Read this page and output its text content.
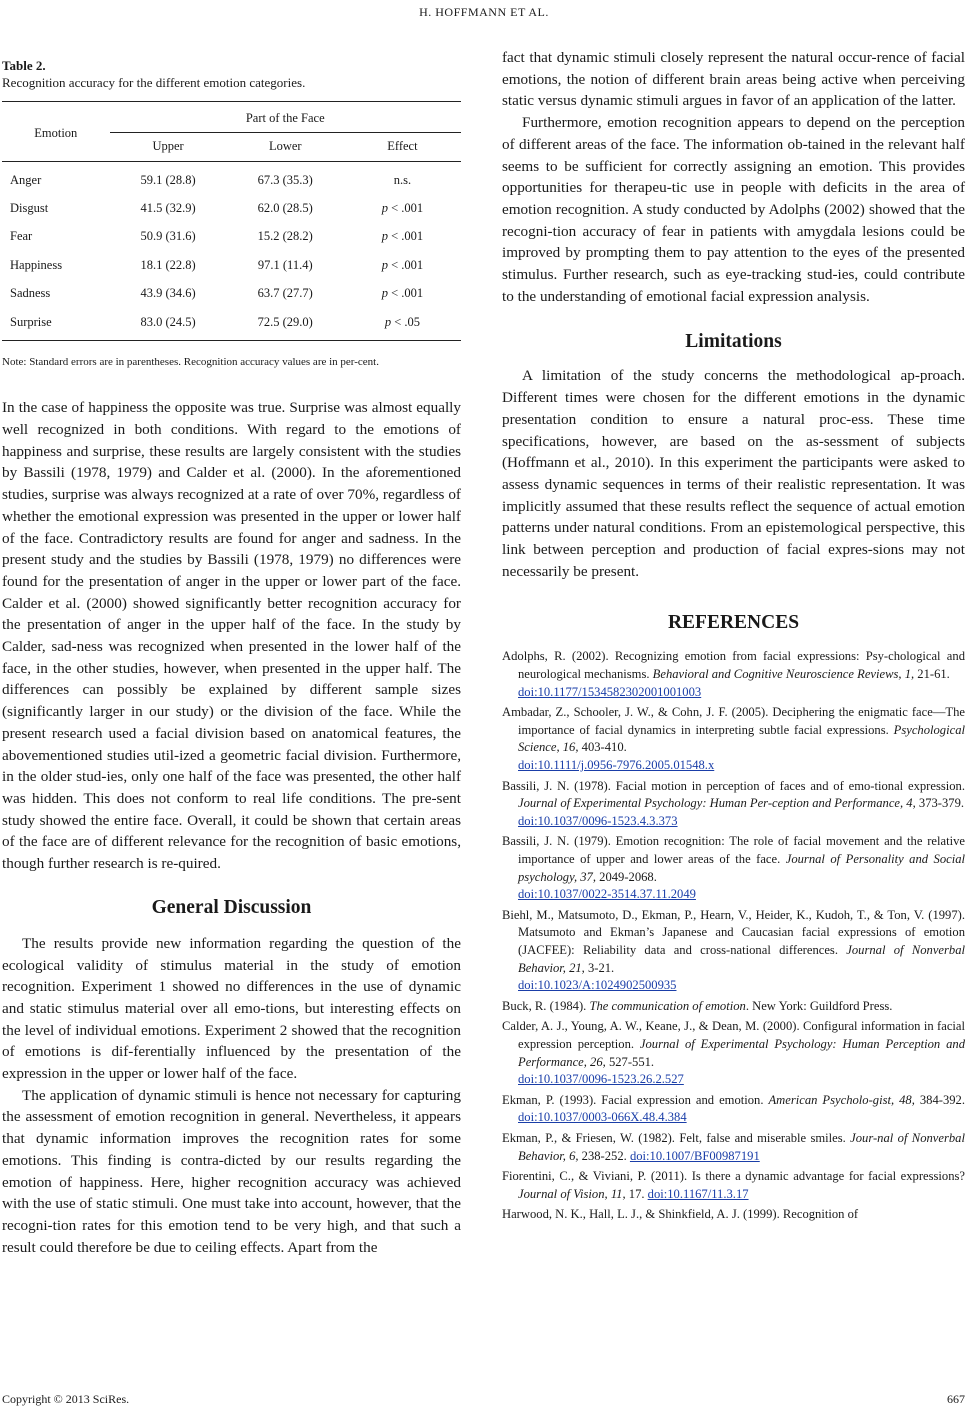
H. HOFFMANN ET AL.
Table 2.
Recognition accuracy for the different emotion categories.
Emotion	Part of the Face		
	Upper	Lower	Effect
Anger	59.1 (28.8)	67.3 (35.3)	n.s.
Disgust	41.5 (32.9)	62.0 (28.5)	p < .001
Fear	50.9 (31.6)	15.2 (28.2)	p < .001
Happiness	18.1 (22.8)	97.1 (11.4)	p < .001
Sadness	43.9 (34.6)	63.7 (27.7)	p < .001
Surprise	83.0 (24.5)	72.5 (29.0)	p < .05
Note: Standard errors are in parentheses. Recognition accuracy values are in per-cent.

In the case of happiness the opposite was true. Surprise was almost equally well recognized in both conditions. With regard to the emotions of happiness and surprise, these results are largely consistent with the studies by Bassili (1978, 1979) and Calder et al. (2000). In the aforementioned studies, surprise was always recognized at a rate of over 70%, regardless of whether the emotional expression was presented in the upper or lower half of the face. Contradictory results are found for anger and sadness. In the present study and the studies by Bassili (1978, 1979) no differences were found for the presentation of anger in the upper or lower part of the face. Calder et al. (2000) showed significantly better recognition accuracy for the presentation of anger in the upper half of the face. In the study by Calder, sad-ness was recognized when presented in the lower half of the face, in the other studies, however, when presented in the upper half. The differences can possibly be explained by different sample sizes (significantly larger in our study) or the division of the face. While the present research used a facial division based on anatomical features, the abovementioned studies util-ized a geometric facial division. Furthermore, in the older stud-ies, only one half of the face was presented, the other half was hidden. This does not conform to real life conditions. The pre-sent study showed the entire face. Overall, it could be shown that certain areas of the face are of different relevance for the recognition of basic emotions, though further research is re-quired.

General Discussion

The results provide new information regarding the question of the ecological validity of stimulus material in the study of emotion recognition. Experiment 1 showed no differences in the use of dynamic and static stimulus material over all emo-tions, but interesting effects on the level of individual emotions. Experiment 2 showed that the recognition of emotions is dif-ferentially influenced by the presentation of the expression in the upper or lower half of the face.

The application of dynamic stimuli is hence not necessary for capturing the assessment of emotion recognition in general. Nevertheless, it appears that dynamic information improves the recognition rates for some emotions. This finding is contra-dicted by our results regarding the emotion of happiness. Here, higher recognition accuracy was achieved with the use of static stimuli. One must take into account, however, that the recogni-tion rates for this emotion tend to be very high, and that such a result could therefore be due to ceiling effects. Apart from the

fact that dynamic stimuli closely represent the natural occur-rence of facial emotions, the notion of different brain areas being active when perceiving static versus dynamic stimuli argues in favor of an application of the latter.

Furthermore, emotion recognition appears to depend on the perception of different areas of the face. The information ob-tained in the relevant half seems to be sufficient for correctly assigning an emotion. This provides opportunities for therapeu-tic use in people with deficits in the area of emotion recognition. A study conducted by Adolphs (2002) showed that the recogni-tion accuracy of fear in patients with amygdala lesions could be improved by prompting them to pay attention to the eyes of the presented stimulus. Further research, such as eye-tracking stud-ies, could contribute to the understanding of emotional facial expression analysis.

Limitations

A limitation of the study concerns the methodological ap-proach. Different times were chosen for the different emotions in the dynamic presentation condition to ensure a natural proc-ess. These time specifications, however, are based on the as-sessment of subjects (Hoffmann et al., 2010). In this experiment the participants were asked to assess dynamic sequences in terms of their realistic representation. It was implicitly assumed that these results reflect the sequence of actual emotion patterns under natural conditions. From an epistemological perspective, this link between perception and production of facial expres-sions may not necessarily be present.

REFERENCES
Adolphs, R. (2002). Recognizing emotion from facial expressions: Psy-chological and neurological mechanisms. Behavioral and Cognitive Neuroscience Reviews, 1, 21-61.
doi:10.1177/1534582302001001003
Ambadar, Z., Schooler, J. W., & Cohn, J. F. (2005). Deciphering the enigmatic face—The importance of facial dynamics in interpreting subtle facial expressions. Psychological Science, 16, 403-410.
doi:10.1111/j.0956-7976.2005.01548.x
Bassili, J. N. (1978). Facial motion in perception of faces and of emo-tional expression. Journal of Experimental Psychology: Human Per-ception and Performance, 4, 373-379.
doi:10.1037/0096-1523.4.3.373
Bassili, J. N. (1979). Emotion recognition: The role of facial movement and the relative importance of upper and lower areas of the face. Journal of Personality and Social psychology, 37, 2049-2068.
doi:10.1037/0022-3514.37.11.2049
Biehl, M., Matsumoto, D., Ekman, P., Hearn, V., Heider, K., Kudoh, T., & Ton, V. (1997). Matsumoto and Ekman’s Japanese and Caucasian facial expressions of emotion (JACFEE): Reliability data and cross-national differences. Journal of Nonverbal Behavior, 21, 3-21.
doi:10.1023/A:1024902500935
Buck, R. (1984). The communication of emotion. New York: Guildford Press.
Calder, A. J., Young, A. W., Keane, J., & Dean, M. (2000). Configural information in facial expression perception. Journal of Experimental Psychology: Human Perception and Performance, 26, 527-551.
doi:10.1037/0096-1523.26.2.527
Ekman, P. (1993). Facial expression and emotion. American Psycholo-gist, 48, 384-392. doi:10.1037/0003-066X.48.4.384
Ekman, P., & Friesen, W. (1982). Felt, false and miserable smiles. Jour-nal of Nonverbal Behavior, 6, 238-252. doi:10.1007/BF00987191
Fiorentini, C., & Viviani, P. (2011). Is there a dynamic advantage for facial expressions? Journal of Vision, 11, 17. doi:10.1167/11.3.17
Harwood, N. K., Hall, L. J., & Shinkfield, A. J. (1999). Recognition of
Copyright © 2013 SciRes.	667
